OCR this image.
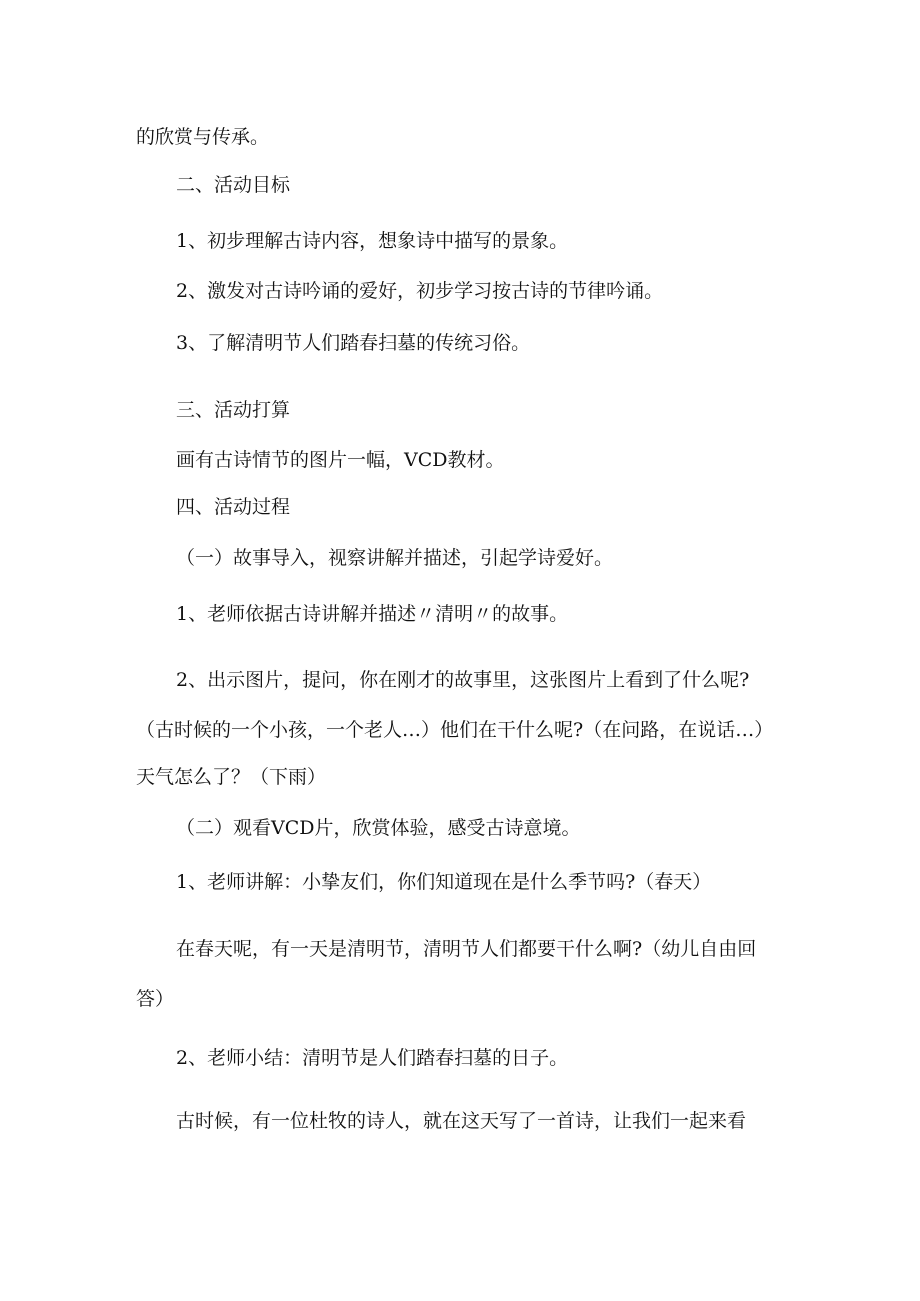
的欣赏与传承。
二、活动目标
1、初步理解古诗内容，想象诗中描写的景象。
2、激发对古诗吟诵的爱好，初步学习按古诗的节律吟诵。
3、了解清明节人们踏春扫墓的传统习俗。
三、活动打算
画有古诗情节的图片一幅，VCD教材。
四、活动过程
（一）故事导入，视察讲解并描述，引起学诗爱好。
1、老师依据古诗讲解并描述〃清明〃的故事。
2、出示图片，提问，你在刚才的故事里，这张图片上看到了什么呢?
（古时候的一个小孩，一个老人…）他们在干什么呢?（在问路，在说话…）
天气怎么了？（下雨）
（二）观看VCD片，欣赏体验，感受古诗意境。
1、老师讲解：小挚友们，你们知道现在是什么季节吗?（春天）
在春天呢，有一天是清明节，清明节人们都要干什么啊?（幼儿自由回
答）
2、老师小结：清明节是人们踏春扫墓的日子。
古时候，有一位杜牧的诗人，就在这天写了一首诗，让我们一起来看
